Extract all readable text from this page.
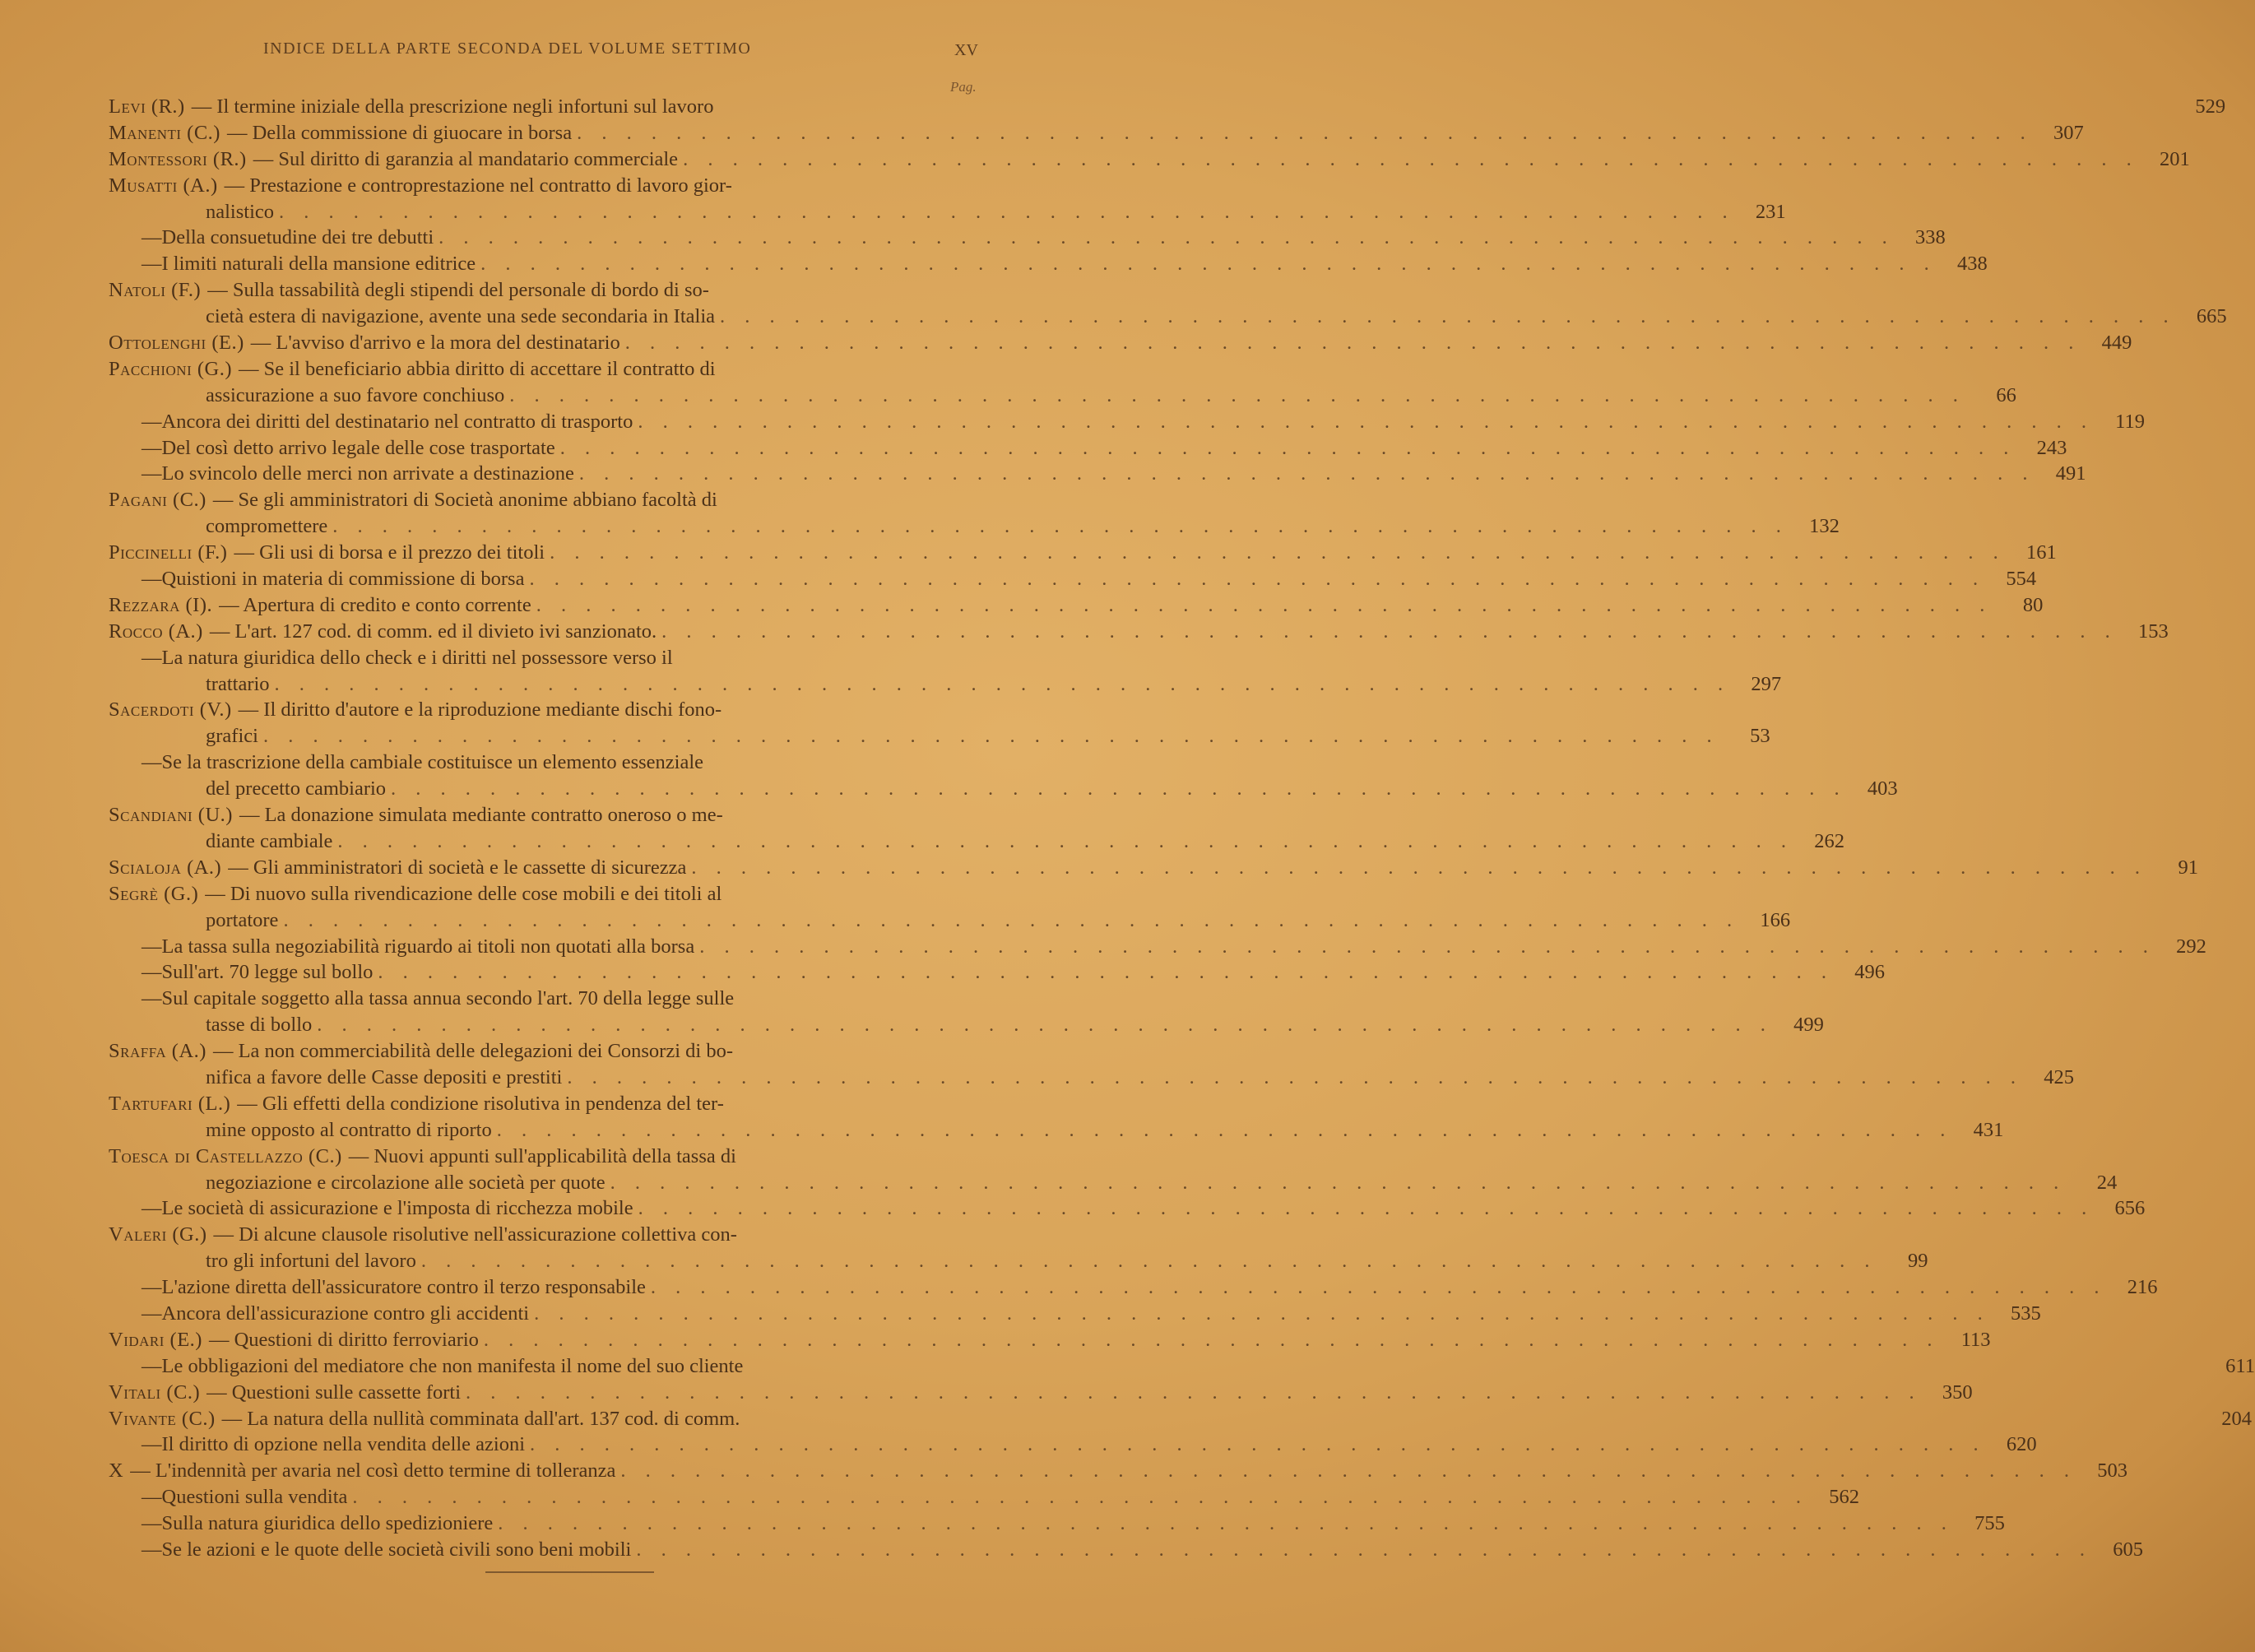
INDICE DELLA PARTE SECONDA DEL VOLUME SETTIMO	XV
Pag.
Levi (R.) — Il termine iniziale della prescrizione negli infortuni sul lavoro	529
Manenti (C.) — Della commissione di giuocare in borsa . . .	307
Montessori (R.) — Sul diritto di garanzia al mandatario commerciale . . .	201
Musatti (A.) — Prestazione e controprestazione nel contratto di lavoro gior-
nalistico . . .	231
— Della consuetudine dei tre debutti . . .	338
— I limiti naturali della mansione editrice . . .	438
Natoli (F.) — Sulla tassabilità degli stipendi del personale di bordo di so-
cietà estera di navigazione, avente una sede secondaria in Italia . . .	665
Ottolenghi (E.) — L'avviso d'arrivo e la mora del destinatario . . .	449
Pacchioni (G.) — Se il beneficiario abbia diritto di accettare il contratto di
assicurazione a suo favore conchiuso . . .	66
— Ancora dei diritti del destinatario nel contratto di trasporto . . .	119
— Del così detto arrivo legale delle cose trasportate . . .	243
— Lo svincolo delle merci non arrivate a destinazione . . .	491
Pagani (C.) — Se gli amministratori di Società anonime abbiano facoltà di
compromettere . . .	132
Piccinelli (F.) — Gli usi di borsa e il prezzo dei titoli . . .	161
— Quistioni in materia di commissione di borsa . . .	554
Rezzara (I). — Apertura di credito e conto corrente . . .	80
Rocco (A.) — L'art. 127 cod. di comm. ed il divieto ivi sanzionato. . . .	153
— La natura giuridica dello check e i diritti nel possessore verso il
trattario . . .	297
Sacerdoti (V.) — Il diritto d'autore e la riproduzione mediante dischi fono-
grafici . . .	53
— Se la trascrizione della cambiale costituisce un elemento essenziale
del precetto cambiario . . .	403
Scandiani (U.) — La donazione simulata mediante contratto oneroso o me-
diante cambiale . . .	262
Scialoja (A.) — Gli amministratori di società e le cassette di sicurezza . . .	91
Segrè (G.) — Di nuovo sulla rivendicazione delle cose mobili e dei titoli al
portatore . . .	166
— La tassa sulla negoziabilità riguardo ai titoli non quotati alla borsa . . .	292
— Sull'art. 70 legge sul bollo . . .	496
— Sul capitale soggetto alla tassa annua secondo l'art. 70 della legge sulle
tasse di bollo . . .	499
Sraffa (A.) — La non commerciabilità delle delegazioni dei Consorzi di bo-
nifica a favore delle Casse depositi e prestiti . . .	425
Tartufari (L.) — Gli effetti della condizione risolutiva in pendenza del ter-
mine opposto al contratto di riporto . . .	431
Toesca di Castellazzo (C.) — Nuovi appunti sull'applicabilità della tassa di
negoziazione e circolazione alle società per quote . . .	24
— Le società di assicurazione e l'imposta di ricchezza mobile . . .	656
Valeri (G.) — Di alcune clausole risolutive nell'assicurazione collettiva con-
tro gli infortuni del lavoro . . .	99
— L'azione diretta dell'assicuratore contro il terzo responsabile . . .	216
— Ancora dell'assicurazione contro gli accidenti . . .	535
Vidari (E.) — Questioni di diritto ferroviario . . .	113
— Le obbligazioni del mediatore che non manifesta il nome del suo cliente	611
Vitali (C.) — Questioni sulle cassette forti . . .	350
Vivante (C.) — La natura della nullità comminata dall'art. 137 cod. di comm.	204
— Il diritto di opzione nella vendita delle azioni . . .	620
X — L'indennità per avaria nel così detto termine di tolleranza . . .	503
— Questioni sulla vendita . . .	562
— Sulla natura giuridica dello spedizioniere . . .	755
— Se le azioni e le quote delle società civili sono beni mobili . . .	605
